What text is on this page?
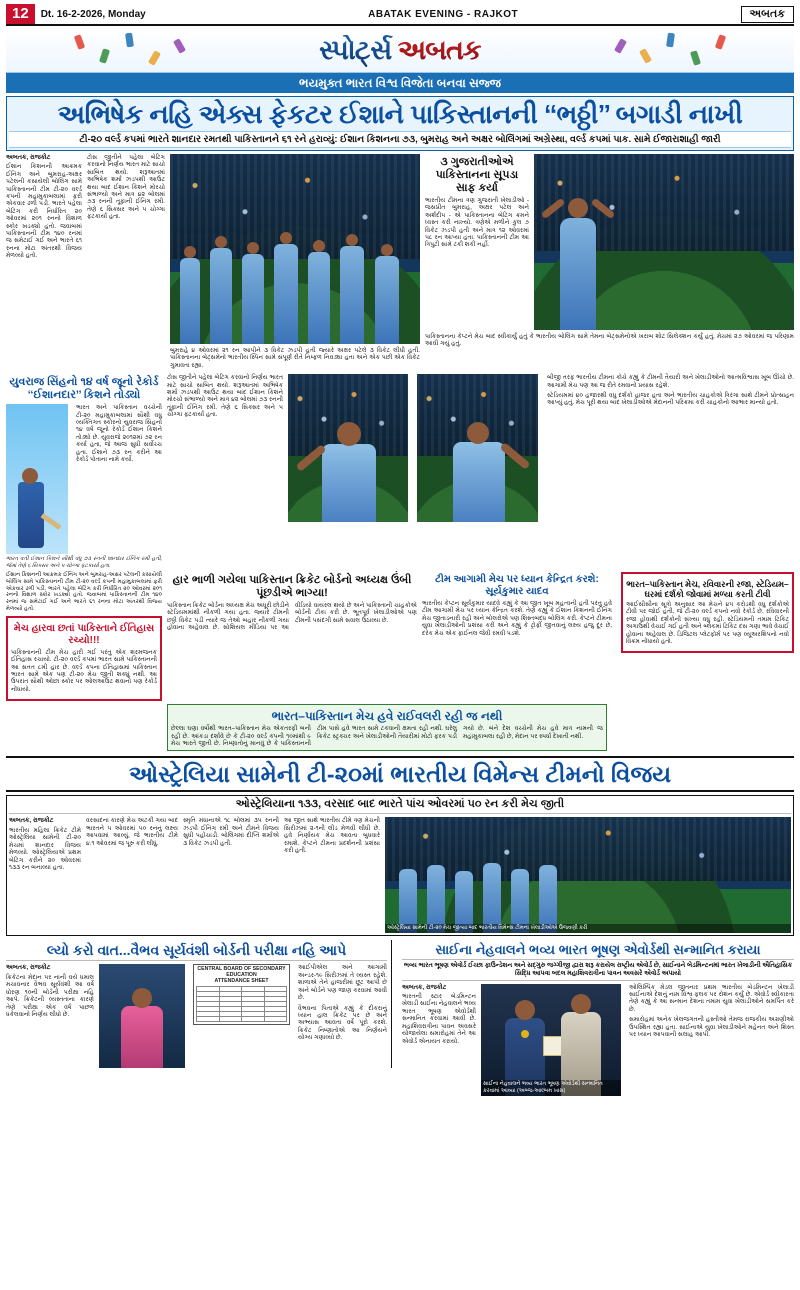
12	Dt. 16-2-2026, Monday	ABATAK EVENING - RAJKOT	અબતક
સ્પોર્ટ્સ અબતક
ભયમુક્ત ભારત વિશ્વ વિજેતા બનવા સજ્જ
અભિષેક નહિ એક્સ ફેકટર ઈશાને પાકિસ્તાનની ‘‘ભઠ્ઠી’’ બગાડી નાખી
ટી-૨૦ વર્લ્ડ કપમાં ભારતે શાનદાર રમતથી પાકિસ્તાનને ૬૧ રને હરાવ્યું: ઈશાન કિશનના ૭૩, બુમરાહ અને અક્ષર બોલિંગમાં અગ્રેસ્થા, વર્લ્ડ કપમાં પાક. સામે ઈજારાશાહી જારી
અબતક, રાજકોટ

ઈશાન કિશનની આક્રમક ઈનિંગ અને બુમરાહ-અક્ષર પટેલની કસાયેલી બોલિંગ સામે પાકિસ્તાનની ટીમ ટી-૨૦ વર્લ્ડ કપની મહામુકાબલામાં ફરી એકવાર ઢળી પડી. ભારતે પહેલા બેટિંગ કરી નિર્ધારિત ૨૦ ઓવરમાં ૨૦૧ રનનો વિશાળ સ્કોર ખડક્યો હતો. જવાબમાં પાકિસ્તાનની ટીમ ૧૪૦ રનમાં જ સમેટાઈ ગઈ અને ભારતે ૬૧ રનના મોટા અંતરથી વિજય મેળવ્યો હતો.

ટોસ જીતીને પહેલા બેટિંગ કરવાનો નિર્ણય ભારત માટે સાચો સાબિત થયો. શરૂઆતમાં અભિષેક શર્મા ઝડપથી આઉટ થયા બાદ ઈશાન કિશને મોરચો સંભાળ્યો અને માત્ર ૪૨ બોલમાં ૭૩ રનની તૂફાની ઈનિંગ રમી. તેણે ૬ સિક્સર અને ૫ ચોગ્ગા ફટકાર્યા હતા.

બુમરાહે ૪ ઓવરમાં ૨૧ રન આપીને ૩ વિકેટ ઝડપી હતી જ્યારે અક્ષર પટેલે ૩ વિકેટ લીધી હતી. પાકિસ્તાનના બેટ્સમેનો ભારતીય સ્પિન સામે સંપૂર્ણ રીતે નિષ્ફળ નિવડ્યા હતા અને એક પછી એક વિકેટ ગુમાવતા રહ્યા.

૩ ગુજરાતીઓએ પાકિસ્તાનના સૂપડા સાફ કર્યા

ભારતીય ટીમના ત્રણ ગુજરાતી ખેલાડીઓ - જસપ્રીત બુમરાહ, અક્ષર પટેલ અને અર્શદીપ - એ પાકિસ્તાનના બેટિંગ ક્રમને ધ્વસ્ત કરી નાખ્યો. ત્રણેએ મળીને કુલ ૭ વિકેટ ઝડપી હતી અને માત્ર ૧૨ ઓવરમાં ૫૮ રન આપ્યા હતા. પાકિસ્તાનની ટીમ આ ત્રિપુટી સામે ટકી શકી નહીં.

પાકિસ્તાનના કેપ્ટને મેચ બાદ સ્વીકાર્યું હતું કે ભારતીય બોલિંગ સામે તેમના બેટ્સમેનોએ ખરાબ શોટ સિલેક્શન કર્યું હતું. મેચમાં ૨૭ ઓવરમાં જ પરિણામ આવી ગયું હતું.

યુવરાજ સિંહનો ૧૪ વર્ષ જૂનો રેકોર્ડ ‘‘ઈશાનદાર’’ કિશને તોડ્યો

ભારત અને પાકિસ્તાન વચ્ચેની ટી-૨૦ મહામુકાબલામાં સૌથી વધુ વ્યક્તિગત સ્કોરનો યુવરાજ સિંહનો ૧૪ વર્ષ જૂનો રેકોર્ડ ઈશાન કિશને તોડ્યો છે. યુવરાજે ૨૦૧૨માં ૭૨ રન કર્યા હતા, જે આજ સુધી સર્વોચ્ચ હતા. ઈશાને ૭૩ રન કરીને આ રેકોર્ડ પોતાના નામે કર્યો.

ભારત વતી ઈશાન કિશને સૌથી વધુ ૭૩ રનની શાનદાર ઈનિંગ રમી હતી, જેમાં તેણે ૬ સિક્સર અને ૫ ચોગ્ગા ફટકાર્યા હતા.

ટોસ જીતીને પહેલા બેટિંગ કરવાનો નિર્ણય ભારત માટે સાચો સાબિત થયો. શરૂઆતમાં અભિષેક શર્મા ઝડપથી આઉટ થયા બાદ ઈશાન કિશને મોરચો સંભાળ્યો અને માત્ર ૪૨ બોલમાં ૭૩ રનની તૂફાની ઈનિંગ રમી. તેણે ૬ સિક્સર અને ૫ ચોગ્ગા ફટકાર્યા હતા.

બીજી તરફ ભારતીય ટીમના કોચે કહ્યું કે ટીમની તૈયારી અને ખેલાડીઓનો આત્મવિશ્વાસ ખૂબ ઊંચો છે. આગામી મેચ પણ આ જ રીતે રમવાનો પ્રયાસ રહેશે.

સ્ટેડિયમમાં ૪૦ હજારથી વધુ દર્શકો હાજર હતા અને ભારતીય ચાહકોએ ત્રિરંગા સાથે ટીમને પ્રોત્સાહન આપ્યું હતું. મેચ પૂરી થયા બાદ ખેલાડીઓએ મેદાનની પરિક્રમા કરી ચાહકોનો આભાર માન્યો હતો.

ઈશાન કિશનની આક્રમક ઈનિંગ અને બુમરાહ-અક્ષર પટેલની કસાયેલી બોલિંગ સામે પાકિસ્તાનની ટીમ ટી-૨૦ વર્લ્ડ કપની મહામુકાબલામાં ફરી એકવાર ઢળી પડી. ભારતે પહેલા બેટિંગ કરી નિર્ધારિત ૨૦ ઓવરમાં ૨૦૧ રનનો વિશાળ સ્કોર ખડક્યો હતો. જવાબમાં પાકિસ્તાનની ટીમ ૧૪૦ રનમાં જ સમેટાઈ ગઈ અને ભારતે ૬૧ રનના મોટા અંતરથી વિજય મેળવ્યો હતો.

મેચ હારવા છતાં પાકિસ્તાને ઈતિહાસ રચ્યો!!!

પાકિસ્તાનની ટીમ મેચ હારી ગઈ પરંતુ એક શરમજનક ઈતિહાસ રચાયો. ટી-૨૦ વર્લ્ડ કપમાં ભારત સામે પાકિસ્તાનની આ સતત ૮મી હાર છે. વર્લ્ડ કપના ઈતિહાસમાં પાકિસ્તાન ભારત સામે એક પણ ટી-૨૦ મેચ જીતી શક્યું નથી. આ ઉપરાંત સૌથી ઓછા સ્કોર પર ઓલઆઉટ થવાનો પણ રેકોર્ડ નોંધાયો.

હાર ભાળી ગયેલા પાકિસ્તાન ક્રિકેટ બોર્ડનો અધ્યક્ષ ઉંબી પૂંછડીએ ભાગ્યા!

પાકિસ્તાન ક્રિકેટ બોર્ડના અધ્યક્ષ મેચ અધૂરી છોડીને સ્ટેડિયમમાંથી નીકળી ગયા હતા. જ્યારે ટીમની છઠ્ઠી વિકેટ પડી ત્યારે જ તેઓ બહાર નીકળી ગયા હોવાના અહેવાલ છે. સોશિયલ મીડિયા પર આ વીડિયો વાયરલ થયો છે અને પાકિસ્તાની ચાહકોએ બોર્ડની ટીકા કરી છે. ભૂતપૂર્વ ખેલાડીઓએ પણ ટીમની પસંદગી સામે સવાલ ઉઠાવ્યા છે.

ટીમ આગામી મેચ પર ધ્યાન કેન્દ્રિત કરશે: સૂર્યકુમાર યાદવ

ભારતીય કેપ્ટન સૂર્યકુમાર યાદવે કહ્યું કે આ જીત ખૂબ મહત્વની હતી પરંતુ હવે ટીમ આગામી મેચ પર ધ્યાન કેન્દ્રિત કરશે. તેણે કહ્યું કે ઈશાન કિશનની ઈનિંગ મેચ જીતાડનારી રહી અને બોલરોએ પણ શિસ્તબદ્ધ બોલિંગ કરી. કેપ્ટને ટીમના યુવા ખેલાડીઓની પ્રશંસા કરી અને કહ્યું કે ટ્રોફી જીતવાનું લક્ષ્ય હજુ દૂર છે, દરેક મેચ એક ફાઈનલ જેવી રમવી પડશે.

ભારત–પાકિસ્તાન મેચ, રવિવારની રજા, સ્ટેડિયમ–ઘરમાં દર્શકો જોવામાં મળ્યા કરતી ટીવી

આઈસીસીના સૂત્રો અનુસાર આ મેચને ૪૫ કરોડથી વધુ દર્શકોએ ટીવી પર જોઈ હતી, જે ટી-૨૦ વર્લ્ડ કપનો નવો રેકોર્ડ છે. રવિવારની રજા હોવાથી દર્શકોની સંખ્યા વધુ રહી. સ્ટેડિયમની તમામ ટિકિટ અગાઉથી વેચાઈ ગઈ હતી અને બ્લેકમાં ટિકિટ દસ ગણા ભાવે વેચાઈ હોવાના અહેવાલ છે. ડિજિટલ પ્લેટફોર્મ પર પણ વ્યૂઅરશિપનો નવો વિક્રમ નોંધાયો હતો.

ભારત–પાકિસ્તાન મેચ હવે રાઈવલરી રહી જ નથી

છેલ્લા ઘણા વર્ષોથી ભારત–પાકિસ્તાન મેચ એકતરફી બની રહી છે. આંકડા દર્શાવે છે કે ટી-૨૦ વર્લ્ડ કપની ૧૦માંથી ૯ મેચ ભારતે જીતી છે. નિષ્ણાતોનું માનવું છે કે પાકિસ્તાનની ટીમ પાસે હવે ભારત સામે ટકવાની ક્ષમતા રહી નથી. ઘરેલુ ક્રિકેટ સ્ટ્રક્ચર અને ખેલાડીઓની તૈયારીમાં મોટો ફરક પડી ગયો છે. બંને દેશ વચ્ચેની મેચ હવે માત્ર નામની જ મહામુકાબલા રહી છે, મેદાન પર સ્પર્ધા દેખાતી નથી.

ઓસ્ટ્રેલિયા સામેની ટી-૨૦માં ભારતીય વિમેન્સ ટીમનો વિજય
ઓસ્ટ્રેલિયાના ૧૩૩, વરસાદ બાદ ભારતે પાંચ ઓવરમાં ૫૦ રન કરી મેચ જીતી
અબતક, રાજકોટ

ભારતીય મહિલા ક્રિકેટ ટીમે ઓસ્ટ્રેલિયા સામેની ટી-૨૦ મેચમાં શાનદાર વિજય મેળવ્યો. ઓસ્ટ્રેલિયાએ પ્રથમ બેટિંગ કરીને ૨૦ ઓવરમાં ૧૩૩ રન બનાવ્યા હતા.

વરસાદના કારણે મેચ અટકી ગયા બાદ ભારતને ૫ ઓવરમાં ૫૦ રનનું લક્ષ્ય આપવામાં આવ્યું, જે ભારતીય ટીમે ૪.૧ ઓવરમાં જ પૂરું કરી લીધું.

સ્મૃતિ મંધાનાએ ૧૮ બોલમાં ૩૫ રનની ઝડપી ઈનિંગ રમી અને ટીમને વિજય સુધી પહોંચાડી. બોલિંગમાં દીપ્તિ શર્માએ ૩ વિકેટ ઝડપી હતી.

આ જીત સાથે ભારતીય ટીમે ત્રણ મેચની સિરીઝમાં ૨-૧ની લીડ મેળવી લીધી છે. હવે નિર્ણાયક મેચ આવતા બુધવારે રમાશે. કેપ્ટને ટીમના પ્રદર્શનની પ્રશંસા કરી હતી.

ઓસ્ટ્રેલિયા સામેની ટી-૨૦ મેચ જીત્યા બાદ ભારતીય વિમેન્સ ટીમના ખેલાડીઓએ ઉજવણી કરી
લ્યો કરો વાત...વૈભવ સૂર્યવંશી બોર્ડની પરીક્ષા નહિ આપે
અબતક, રાજકોટ

ક્રિકેટના મેદાન પર નાની વયે ધમાલ મચાવનાર વૈભવ સૂર્યવંશી આ વર્ષે ધોરણ ૧૦ની બોર્ડની પરીક્ષા નહિ આપે. ક્રિકેટની વ્યસ્તતાના કારણે તેણે પરીક્ષા એક વર્ષ પાછળ ધકેલવાનો નિર્ણય લીધો છે.

CENTRAL BOARD OF SECONDARY EDUCATION
ATTENDANCE SHEET

આઈપીએલ અને આગામી અન્ડર-૧૯ સિરીઝમાં તે વ્યસ્ત રહેશે. શાળાએ તેને હાજરીમાં છૂટ આપી છે અને બોર્ડને પણ જાણ કરવામાં આવી છે.

વૈભવના પિતાએ કહ્યું કે દીકરાનું ધ્યાન હાલ ક્રિકેટ પર છે અને અભ્યાસ આવતા વર્ષે પૂરો કરશે. ક્રિકેટ નિષ્ણાતોએ આ નિર્ણયને યોગ્ય ગણાવ્યો છે.

સાઈના નેહવાલને ભવ્ય ભારત ભૂષણ એવોર્ડથી સન્માનિત કરાયા
ભવ્ય ભારત ભૂષણ એવોર્ડ ઈચ્છા ફાઉન્ડેશન અને સદ્ગુરુ જગ્ગીજી દ્વારા શરૂ કરાયેલ રાષ્ટ્રીય એવોર્ડ છે, સાઈનાને બેડમિન્ટનમાં ભારત ખેલાડીની ઐતિહાસિક સિદ્ધિ આપવા બદલ મહાશિવરાત્રીના પાવન અવસરે એવોર્ડ અપાયો
અબતક, રાજકોટ

ભારતની સ્ટાર બેડમિન્ટન ખેલાડી સાઈના નેહવાલને ભવ્ય ભારત ભૂષણ એવોર્ડથી સન્માનિત કરવામાં આવી છે. મહાશિવરાત્રીના પાવન અવસરે યોજાયેલા સમારોહમાં તેને આ એવોર્ડ એનાયત કરાયો.

સાઈના નેહવાલને ભવ્ય ભારત ભૂષણ એવોર્ડથી સન્માનિત કરવામાં આવ્યા (અબ્જ-આલ્બમ ખાસ)

ઓલિમ્પિક મેડલ જીતનાર પ્રથમ ભારતીય બેડમિન્ટન ખેલાડી સાઈનાએ દેશનું નામ વિશ્વ ફલક પર રોશન કર્યું છે. એવોર્ડ સ્વીકારતા તેણે કહ્યું કે આ સન્માન દેશના તમામ યુવા ખેલાડીઓને સમર્પિત કરે છે.

સમારોહમાં અનેક ખેલજગતની હસ્તીઓ તેમજ રાજકીય અગ્રણીઓ ઉપસ્થિત રહ્યા હતા. સાઈનાએ યુવા ખેલાડીઓને મહેનત અને શિસ્ત પર ધ્યાન આપવાની સલાહ આપી.
